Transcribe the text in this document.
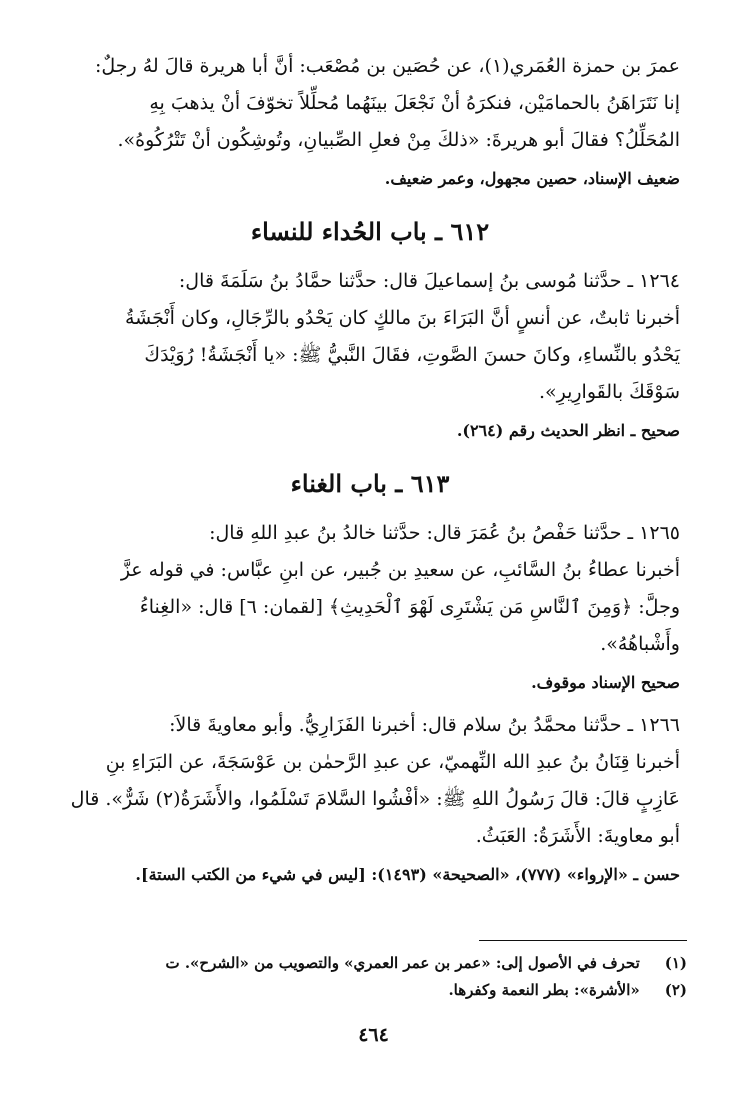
عمرَ بن حمزة العُمَري(١)، عن حُصَين بن مُصْعَب: أنَّ أبا هريرة قالَ لهُ رجلٌ:

إنا نَتَرَاهَنُ بالحمامَيْن، فنكرَهُ أنْ نَجْعَلَ بينَهُما مُحلِّلاً تخوّفَ أنْ يذهبَ بِهِ

المُحَلِّلُ؟ فقالَ أبو هريرةَ: «ذلكَ مِنْ فعلِ الصِّبيانِ، وتُوشِكُون أنْ تَتْرُكُوهُ».

ضعيف الإسناد، حصين مجهول، وعمر ضعيف.

٦١٢ ـ باب الحُداء للنساء

١٢٦٤ ـ حدَّثنا مُوسى بنُ إسماعيلَ قال: حدَّثنا حمَّادُ بنُ سَلَمَةَ قال:

أخبرنا ثابتٌ، عن أنسٍ أنَّ البَرَاءَ بنَ مالكٍ كان يَحْدُو بالرِّجَالِ، وكان أَنْجَشَةُ

يَحْدُو بالنِّساءِ، وكانَ حسنَ الصَّوتِ، فقَالَ النَّبيُّ ﷺ: «يا أَنْجَشَةُ! رُوَيْدَكَ

سَوْقَكَ بالقَوارِيرِ».

صحيح ـ انظر الحديث رقم (٢٦٤).

٦١٣ ـ باب الغناء

١٢٦٥ ـ حدَّثنا حَفْصُ بنُ عُمَرَ قال: حدَّثنا خالدُ بنُ عبدِ اللهِ قال:

أخبرنا عطاءُ بنُ السَّائبِ، عن سعيدِ بن جُبير، عن ابنِ عبَّاس: في قوله عزَّ

وجلَّ: ﴿وَمِنَ ٱلنَّاسِ مَن يَشْتَرِى لَهْوَ ٱلْحَدِيثِ﴾ [لقمان: ٦] قال: «الغِناءُ

وأَشْباهُهُ».

صحيح الإسناد موقوف.

١٢٦٦ ـ حدَّثنا محمَّدُ بنُ سلام قال: أخبرنا الفَزَارِيُّ. وأبو معاويةَ قالاَ:

أخبرنا قِنَانُ بنُ عبدِ الله النِّهميّ، عن عبدِ الرَّحمٰن بن عَوْسَجَةَ، عن البَرَاءِ بنِ

عَازِبٍ قالَ: قالَ رَسُولُ اللهِ ﷺ: «أفْشُوا السَّلامَ تَسْلَمُوا، والأَشَرَةُ(٢) شَرٌّ». قال

أبو معاويةَ: الأَشَرَةُ: العَبَثُ.

حسن ـ «الإرواء» (٧٧٧)، «الصحيحة» (١٤٩٣): [ليس في شيء من الكتب الستة].

(١) تحرف في الأصول إلى: «عمر بن عمر العمري» والتصويب من «الشرح». ت

(٢) «الأشرة»: بطر النعمة وكفرها.

٤٦٤
